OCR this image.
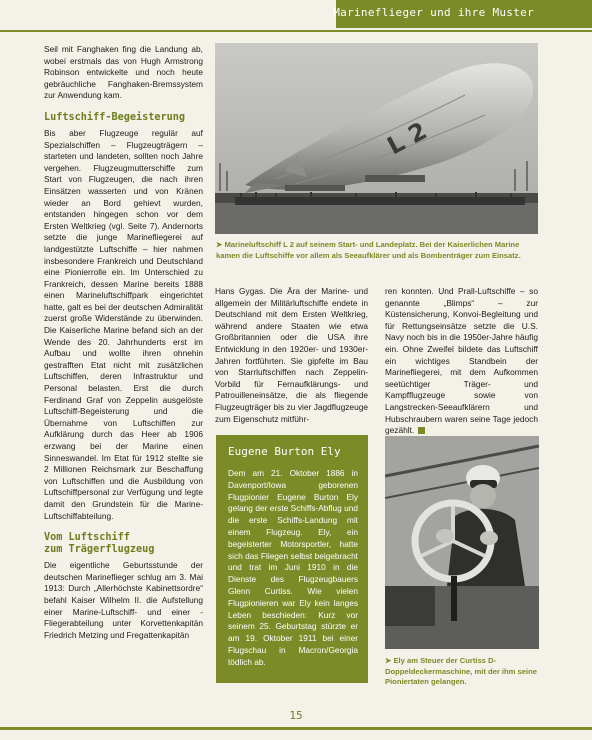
Marineflieger und ihre Muster

Seil mit Fanghaken fing die Landung ab, wobei erstmals das von Hugh Armstrong Robinson entwickelte und noch heute gebräuchliche Fanghaken-Bremssystem zur Anwendung kam.

Luftschiff-Begeisterung

Bis aber Flugzeuge regulär auf Spezialschiffen – Flugzeugträgern – starteten und landeten, sollten noch Jahre vergehen. Flugzeugmutterschiffe zum Start von Flugzeugen, die nach ihren Einsätzen wasserten und von Kränen wieder an Bord gehievt wurden, entstanden hingegen schon vor dem Ersten Weltkrieg (vgl. Seite 7). Andernorts setzte die junge Marinefliegerei auf landgestützte Luftschiffe – hier nahmen insbesondere Frankreich und Deutschland eine Pionierrolle ein. Im Unterschied zu Frankreich, dessen Marine bereits 1888 einen Marineluftschiffpark eingerichtet hatte, galt es bei der deutschen Admiralität zuerst große Widerstände zu überwinden. Die Kaiserliche Marine befand sich an der Wende des 20. Jahrhunderts erst im Aufbau und wollte ihren ohnehin gestrafften Etat nicht mit zusätzlichen Luftschiffen, deren Infrastruktur und Personal belasten. Erst die durch Ferdinand Graf von Zeppelin ausgelöste Luftschiff-Begeisterung und die Übernahme von Luftschiffen zur Aufklärung durch das Heer ab 1906 erzwang bei der Marine einen Sinneswandel. Im Etat für 1912 stellte sie 2 Millionen Reichsmark zur Beschaffung von Luftschiffen und die Ausbildung von Luftschiffpersonal zur Verfügung und legte damit den Grundstein für die Marine-Luftschiffabteilung.

Vom Luftschiff
zum Trägerflugzeug

Die eigentliche Geburtsstunde der deutschen Marineflieger schlug am 3. Mai 1913: Durch „Allerhöchste Kabinettsordre“ befahl Kaiser Wilhelm II. die Aufstellung einer Marine-Luftschiff- und einer -Fliegerabteilung unter Korvettenkapitän Friedrich Metzing und Fregattenkapitän

L 2
➤ Marineluftschiff L 2 auf seinem Start- und Landeplatz. Bei der Kaiserlichen Marine kamen die Luftschiffe vor allem als Seeaufklärer und als Bombenträger zum Einsatz.

Hans Gygas. Die Ära der Marine- und allgemein der Militärluftschiffe endete in Deutschland mit dem Ersten Weltkrieg, während andere Staaten wie etwa Großbritannien oder die USA ihre Entwicklung in den 1920er- und 1930er-Jahren fortführten. Sie gipfelte im Bau von Starrluftschiffen nach Zeppelin-Vorbild für Fernaufklärungs- und Patrouilleneinsätze, die als fliegende Flugzeugträger bis zu vier Jagdflugzeuge zum Eigenschutz mitführ-

ren konnten. Und Prall-Luftschiffe – so genannte „Blimps“ – zur Küstensicherung, Konvoi-Begleitung und für Rettungseinsätze setzte die U.S. Navy noch bis in die 1950er-Jahre häufig ein. Ohne Zweifel bildete das Luftschiff ein wichtiges Standbein der Marinefliegerei, mit dem Aufkommen seetüchtiger Träger- und Kampfflugzeuge sowie von Langstrecken-Seeaufklärern und Hubschraubern waren seine Tage jedoch gezählt.

Eugene Burton Ely

Dem am 21. Oktober 1886 in Davenport/Iowa geborenen Flugpionier Eugene Burton Ely gelang der erste Schiffs-Abflug und die erste Schiffs-Landung mit einem Flugzeug. Ely, ein begeisterter Motorsportler, hatte sich das Fliegen selbst beigebracht und trat im Juni 1910 in die Dienste des Flugzeugbauers Glenn Curtiss. Wie vielen Flugpionieren war Ely kein langes Leben beschieden: Kurz vor seinem 25. Geburtstag stürzte er am 19. Oktober 1911 bei einer Flugschau in Macron/Georgia tödlich ab.	➤ Ely am Steuer der Curtiss D-Doppeldeckermaschine, mit der ihm seine Pioniertaten gelangen.
15
